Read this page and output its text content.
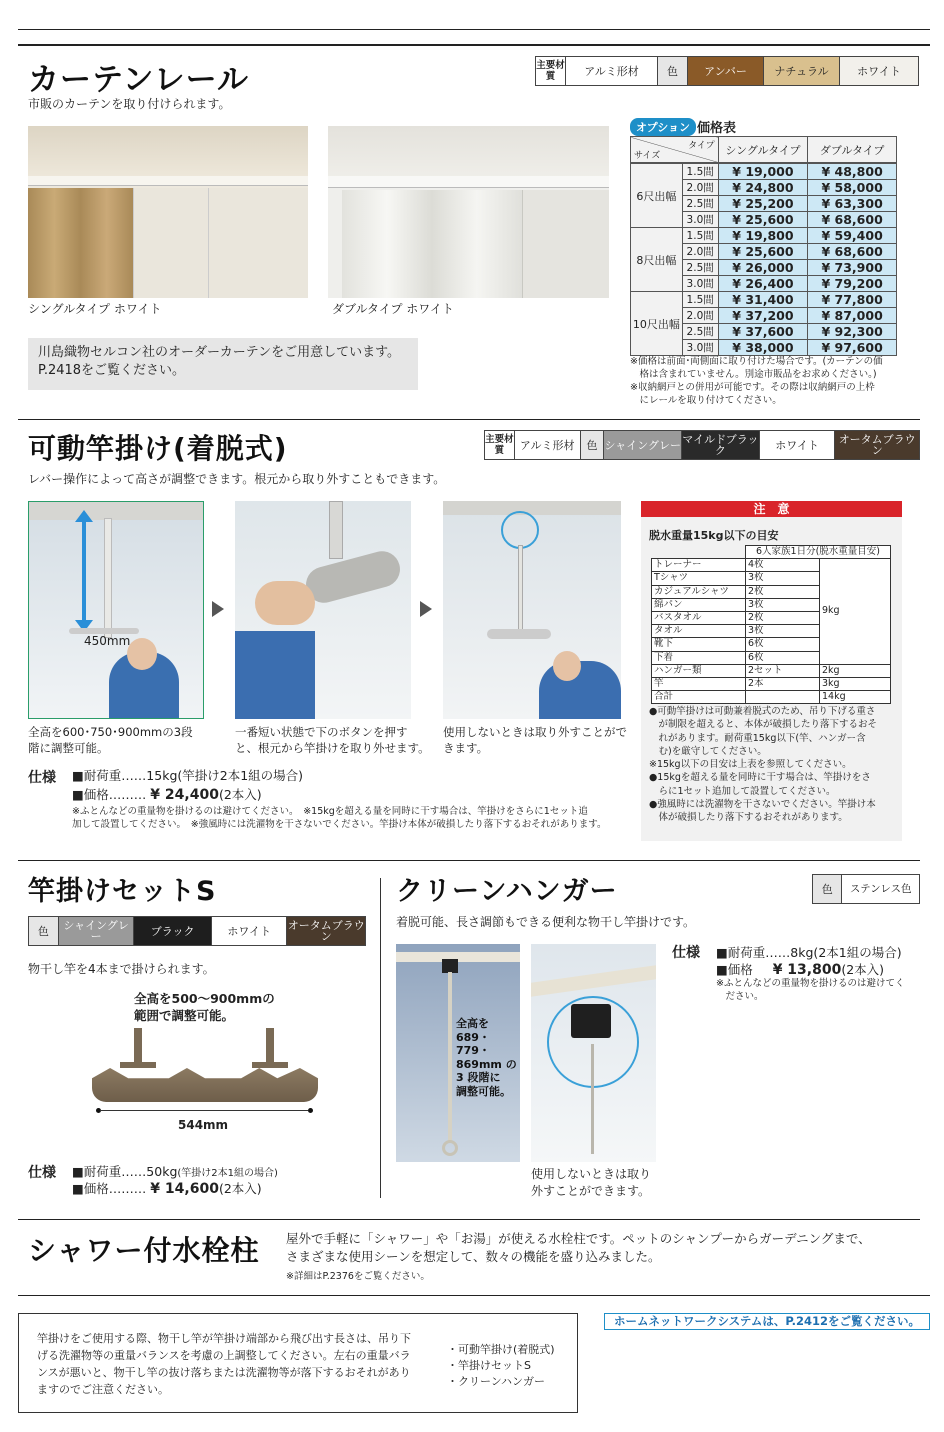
カーテンレール
市販のカーテンを取り付けられます。
主要材質	アルミ形材	色	アンバー	ナチュラル	ホワイト
シングルタイプ ホワイト	ダブルタイプ ホワイト
川島織物セルコン社のオーダーカーテンをご用意しています。
P.2418をご覧ください。
オプション 価格表
タイプ
サイズ	シングルタイプ	ダブルタイプ
6尺出幅	1.5間	¥ 19,000	¥ 48,800
	2.0間	¥ 24,800	¥ 58,000
	2.5間	¥ 25,200	¥ 63,300
	3.0間	¥ 25,600	¥ 68,600
8尺出幅	1.5間	¥ 19,800	¥ 59,400
	2.0間	¥ 25,600	¥ 68,600
	2.5間	¥ 26,000	¥ 73,900
	3.0間	¥ 26,400	¥ 79,200
10尺出幅	1.5間	¥ 31,400	¥ 77,800
	2.0間	¥ 37,200	¥ 87,000
	2.5間	¥ 37,600	¥ 92,300
	3.0間	¥ 38,000	¥ 97,600
※価格は前面･両側面に取り付けた場合です。(カーテンの価
　格は含まれていません。別途市販品をお求めください。)
※収納網戸との併用が可能です。その際は収納網戸の上枠
　にレールを取り付けてください。
可動竿掛け(着脱式)
レバー操作によって高さが調整できます。根元から取り外すこともできます。
主要材質	アルミ形材	色 シャイングレー マイルドブラック	ホワイト	オータムブラウン
450mm
全高を600･750･900mmの3段
階に調整可能。
一番短い状態で下のボタンを押す
と、根元から竿掛けを取り外せます。
使用しないときは取り外すことがで
きます。
仕様 ■耐荷重……15kg(竿掛け2本1組の場合)
■価格……… ¥ 24,400(2本入)
※ふとんなどの重量物を掛けるのは避けてください。　※15kgを超える量を同時に干す場合は、竿掛けをさらに1セット追
加して設置してください。　※強風時には洗濯物を干さないでください。竿掛け本体が破損したり落下するおそれがあります。
注　意
脱水重量15kg以下の目安
	6人家族1日分(脱水重量目安)	
トレーナー	4枚	9kg
Tシャツ	3枚	
カジュアルシャツ	2枚	
綿パン	3枚	
バスタオル	2枚	
タオル	3枚	
靴下	6枚	
下着	6枚	
ハンガー類	2セット	2kg
竿	2本	3kg
合計		14kg
●可動竿掛けは可動兼着脱式のため、吊り下げる重さ
　が制限を超えると、本体が破損したり落下するおそ
　れがあります。耐荷重15kg以下(竿、ハンガー含
　む)を厳守してください。
※15kg以下の目安は上表を参照してください。
●15kgを超える量を同時に干す場合は、竿掛けをさ
　らに1セット追加して設置してください。
●強風時には洗濯物を干さないでください。竿掛け本
　体が破損したり落下するおそれがあります。
竿掛けセットS
色	シャイングレー	ブラック	ホワイト	オータムブラウン
物干し竿を4本まで掛けられます。
全高を500〜900mmの
範囲で調整可能。
544mm
仕様 ■耐荷重……50kg(竿掛け2本1組の場合)
■価格……… ¥ 14,600(2本入)
クリーンハンガー	色	ステンレス色
着脱可能、長さ調節もできる便利な物干し竿掛けです。
全高を
689・
779・
869mm の
3 段階に
調整可能。
使用しないときは取り
外すことができます。
仕様 ■耐荷重……8kg(2本1組の場合)
■価格 ¥ 13,800(2本入)
※ふとんなどの重量物を掛けるのは避けてく
　ださい。
シャワー付水栓柱 屋外で手軽に「シャワー」や「お湯」が使える水栓柱です。ペットのシャンプーからガーデニングまで、
さまざまな使用シーンを想定して、数々の機能を盛り込みました。
※詳細はP.2376をご覧ください。
竿掛けをご使用する際、物干し竿が竿掛け端部から飛び出す長さは、吊り下
げる洗濯物等の重量バランスを考慮の上調整してください。左右の重量バラ
ンスが悪いと、物干し竿の抜け落ちまたは洗濯物等が落下するおそれがあり
ますのでご注意ください。
・可動竿掛け(着脱式)
・竿掛けセットS
・クリーンハンガー
ホームネットワークシステムは、P.2412をご覧ください。
